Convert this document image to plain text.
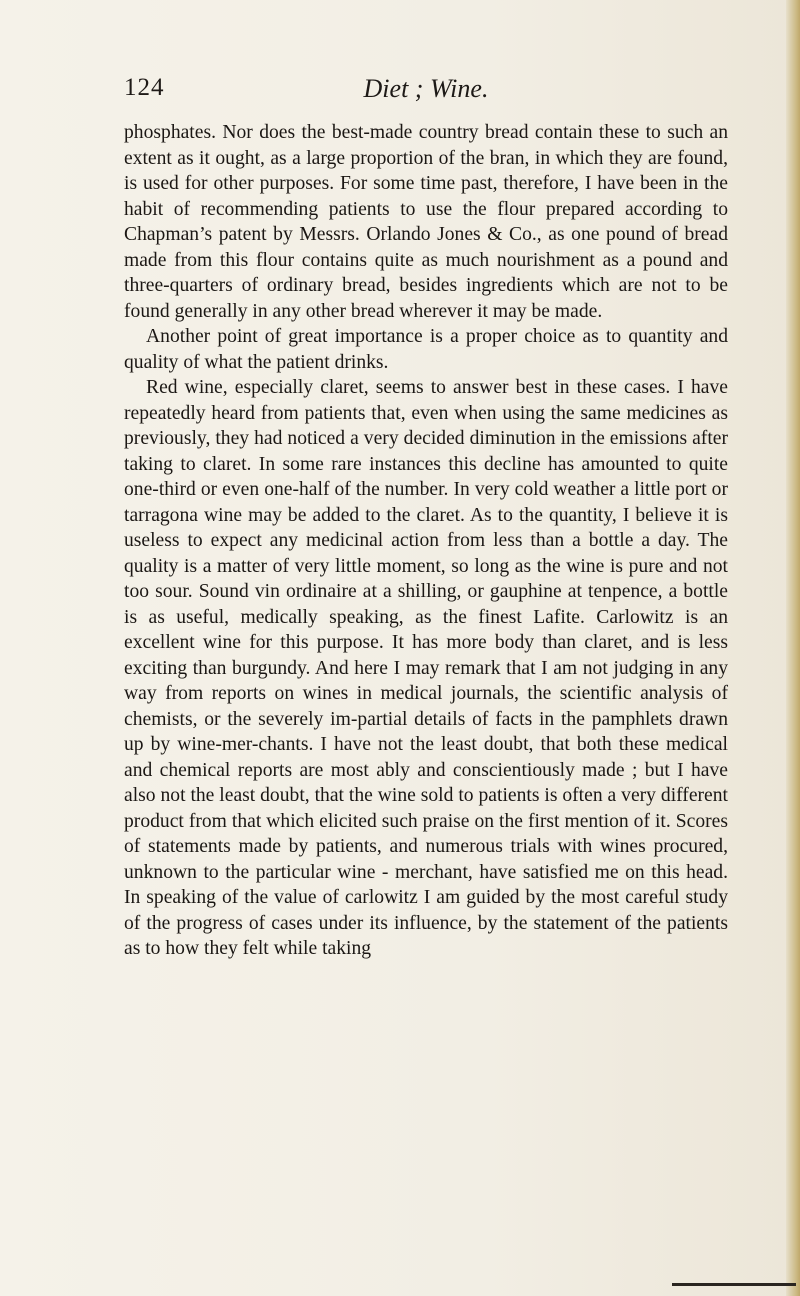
124	Diet ; Wine.

phosphates. Nor does the best-made country bread contain these to such an extent as it ought, as a large proportion of the bran, in which they are found, is used for other purposes. For some time past, therefore, I have been in the habit of recommending patients to use the flour prepared according to Chapman’s patent by Messrs. Orlando Jones & Co., as one pound of bread made from this flour contains quite as much nourishment as a pound and three-quarters of ordinary bread, besides ingredients which are not to be found generally in any other bread wherever it may be made.

Another point of great importance is a proper choice as to quantity and quality of what the patient drinks.

Red wine, especially claret, seems to answer best in these cases. I have repeatedly heard from patients that, even when using the same medicines as previously, they had noticed a very decided diminution in the emissions after taking to claret. In some rare instances this decline has amounted to quite one-third or even one-half of the number. In very cold weather a little port or tarragona wine may be added to the claret. As to the quantity, I believe it is useless to expect any medicinal action from less than a bottle a day. The quality is a matter of very little moment, so long as the wine is pure and not too sour. Sound vin ordinaire at a shilling, or gauphine at tenpence, a bottle is as useful, medically speaking, as the finest Lafite. Carlowitz is an excellent wine for this purpose. It has more body than claret, and is less exciting than burgundy. And here I may remark that I am not judging in any way from reports on wines in medical journals, the scientific analysis of chemists, or the severely im-partial details of facts in the pamphlets drawn up by wine-mer-chants. I have not the least doubt, that both these medical and chemical reports are most ably and conscientiously made ; but I have also not the least doubt, that the wine sold to patients is often a very different product from that which elicited such praise on the first mention of it. Scores of statements made by patients, and numerous trials with wines procured, unknown to the particular wine - merchant, have satisfied me on this head. In speaking of the value of carlowitz I am guided by the most careful study of the progress of cases under its influence, by the statement of the patients as to how they felt while taking
